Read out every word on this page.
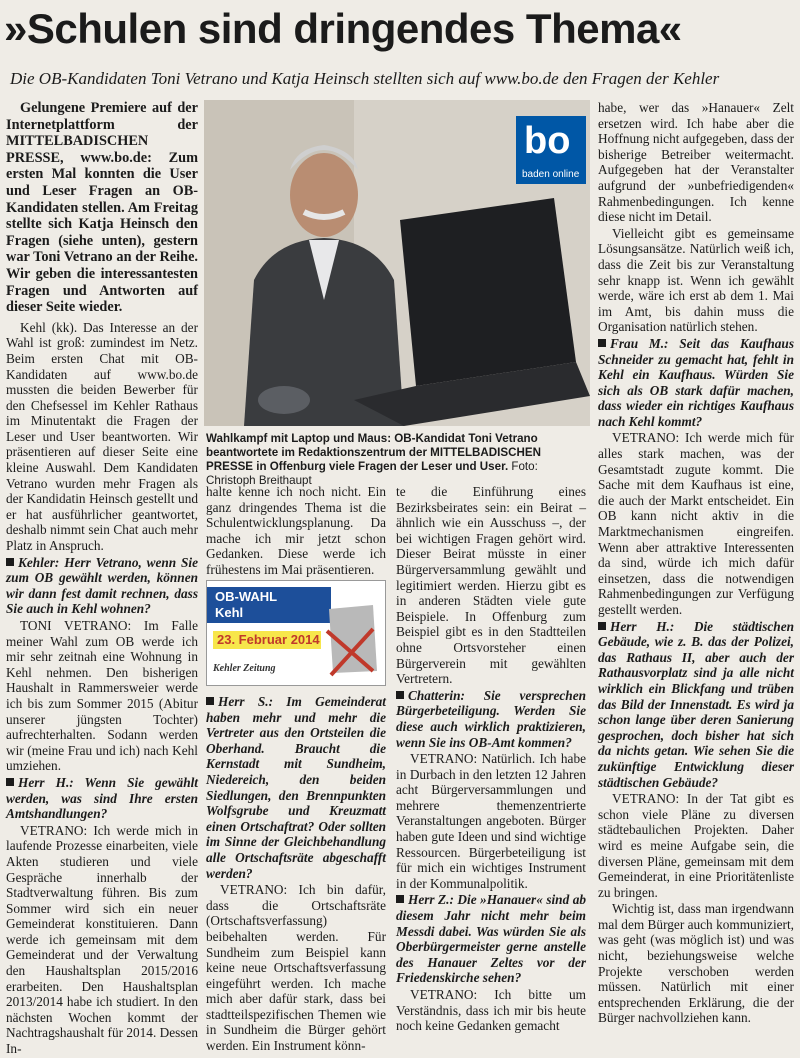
»Schulen sind dringendes Thema«
Die OB-Kandidaten Toni Vetrano und Katja Heinsch stellten sich auf www.bo.de den Fragen der Kehler

Gelungene Premiere auf der Internetplattform der MITTELBADISCHEN PRESSE, www.bo.de: Zum ersten Mal konnten die User und Leser Fragen an OB-Kandidaten stellen. Am Freitag stellte sich Katja Heinsch den Fragen (siehe unten), gestern war Toni Vetrano an der Reihe. Wir geben die interessantesten Fragen und Antworten auf dieser Seite wieder.

Kehl (kk). Das Interesse an der Wahl ist groß: zumindest im Netz. Beim ersten Chat mit OB-Kandidaten auf www.bo.de mussten die beiden Bewerber für den Chefsessel im Kehler Rathaus im Minutentakt die Fragen der Leser und User beantworten. Wir präsentieren auf dieser Seite eine kleine Auswahl. Dem Kandidaten Vetrano wurden mehr Fragen als der Kandidatin Heinsch gestellt und er hat ausführlicher geantwortet, deshalb nimmt sein Chat auch mehr Platz in Anspruch.

Kehler: Herr Vetrano, wenn Sie zum OB gewählt werden, können wir dann fest damit rechnen, dass Sie auch in Kehl wohnen?

TONI VETRANO: Im Falle meiner Wahl zum OB werde ich mir sehr zeitnah eine Wohnung in Kehl nehmen. Den bisherigen Haushalt in Rammersweier werde ich bis zum Sommer 2015 (Abitur unserer jüngsten Tochter) aufrechterhalten. Sodann werden wir (meine Frau und ich) nach Kehl umziehen.

Herr H.: Wenn Sie gewählt werden, was sind Ihre ersten Amtshandlungen?

VETRANO: Ich werde mich in laufende Prozesse einarbeiten, viele Akten studieren und viele Gespräche innerhalb der Stadtverwaltung führen. Bis zum Sommer wird sich ein neuer Gemeinderat konstituieren. Dann werde ich gemeinsam mit dem Gemeinderat und der Verwaltung den Haushaltsplan 2015/2016 erarbeiten. Den Haushaltsplan 2013/2014 habe ich studiert. In den nächsten Wochen kommt der Nachtragshaushalt für 2014. Dessen In-

bo
baden online
Wahlkampf mit Laptop und Maus: OB-Kandidat Toni Vetrano beantwortete im Redaktionszentrum der MITTELBADISCHEN PRESSE in Offenburg viele Fragen der Leser und User. Foto: Christoph Breithaupt

halte kenne ich noch nicht. Ein ganz dringendes Thema ist die Schulentwicklungsplanung. Da mache ich mir jetzt schon Gedanken. Diese werde ich frühestens im Mai präsentieren.

OB-WAHL
Kehl
23. Februar 2014
Kehler Zeitung

Herr S.: Im Gemeinderat haben mehr und mehr die Vertreter aus den Ortsteilen die Oberhand. Braucht die Kernstadt mit Sundheim, Niedereich, den beiden Siedlungen, den Brennpunkten Wolfsgrube und Kreuzmatt einen Ortschaftrat? Oder sollten im Sinne der Gleichbehandlung alle Ortschaftsräte abgeschafft werden?

VETRANO: Ich bin dafür, dass die Ortschaftsräte (Ortschaftsverfassung) beibehalten werden. Für Sundheim zum Beispiel kann keine neue Ortschaftsverfassung eingeführt werden. Ich mache mich aber dafür stark, dass bei stadtteilspezifischen Themen wie in Sundheim die Bürger gehört werden. Ein Instrument könn-

te die Einführung eines Bezirksbeirates sein: ein Beirat – ähnlich wie ein Ausschuss –, der bei wichtigen Fragen gehört wird. Dieser Beirat müsste in einer Bürgerversammlung gewählt und legitimiert werden. Hierzu gibt es in anderen Städten viele gute Beispiele. In Offenburg zum Beispiel gibt es in den Stadtteilen ohne Ortsvorsteher einen Bürgerverein mit gewählten Vertretern.

Chatterin: Sie versprechen Bürgerbeteiligung. Werden Sie diese auch wirklich praktizieren, wenn Sie ins OB-Amt kommen?

VETRANO: Natürlich. Ich habe in Durbach in den letzten 12 Jahren acht Bürgerversammlungen und mehrere themenzentrierte Veranstaltungen angeboten. Bürger haben gute Ideen und sind wichtige Ressourcen. Bürgerbeteiligung ist für mich ein wichtiges Instrument in der Kommunalpolitik.

Herr Z.: Die »Hanauer« sind ab diesem Jahr nicht mehr beim Messdi dabei. Was würden Sie als Oberbürgermeister gerne anstelle des Hanauer Zeltes vor der Friedenskirche sehen?

VETRANO: Ich bitte um Verständnis, dass ich mir bis heute noch keine Gedanken gemacht

habe, wer das »Hanauer« Zelt ersetzen wird. Ich habe aber die Hoffnung nicht aufgegeben, dass der bisherige Betreiber weitermacht. Aufgegeben hat der Veranstalter aufgrund der »unbefriedigenden« Rahmenbedingungen. Ich kenne diese nicht im Detail.

Vielleicht gibt es gemeinsame Lösungsansätze. Natürlich weiß ich, dass die Zeit bis zur Veranstaltung sehr knapp ist. Wenn ich gewählt werde, wäre ich erst ab dem 1. Mai im Amt, bis dahin muss die Organisation natürlich stehen.

Frau M.: Seit das Kaufhaus Schneider zu gemacht hat, fehlt in Kehl ein Kaufhaus. Würden Sie sich als OB stark dafür machen, dass wieder ein richtiges Kaufhaus nach Kehl kommt?

VETRANO: Ich werde mich für alles stark machen, was der Gesamtstadt zugute kommt. Die Sache mit dem Kaufhaus ist eine, die auch der Markt entscheidet. Ein OB kann nicht aktiv in die Marktmechanismen eingreifen. Wenn aber attraktive Interessenten da sind, würde ich mich dafür einsetzen, dass die notwendigen Rahmenbedingungen zur Verfügung gestellt werden.

Herr H.: Die städtischen Gebäude, wie z. B. das der Polizei, das Rathaus II, aber auch der Rathausvorplatz sind ja alle nicht wirklich ein Blickfang und trüben das Bild der Innenstadt. Es wird ja schon lange über deren Sanierung gesprochen, doch bisher hat sich da nichts getan. Wie sehen Sie die zukünftige Entwicklung dieser städtischen Gebäude?

VETRANO: In der Tat gibt es schon viele Pläne zu diversen städtebaulichen Projekten. Daher wird es meine Aufgabe sein, die diversen Pläne, gemeinsam mit dem Gemeinderat, in eine Prioritätenliste zu bringen.

Wichtig ist, dass man irgendwann mal dem Bürger auch kommuniziert, was geht (was möglich ist) und was nicht, beziehungsweise welche Projekte verschoben werden müssen. Natürlich mit einer entsprechenden Erklärung, die der Bürger nachvollziehen kann.
